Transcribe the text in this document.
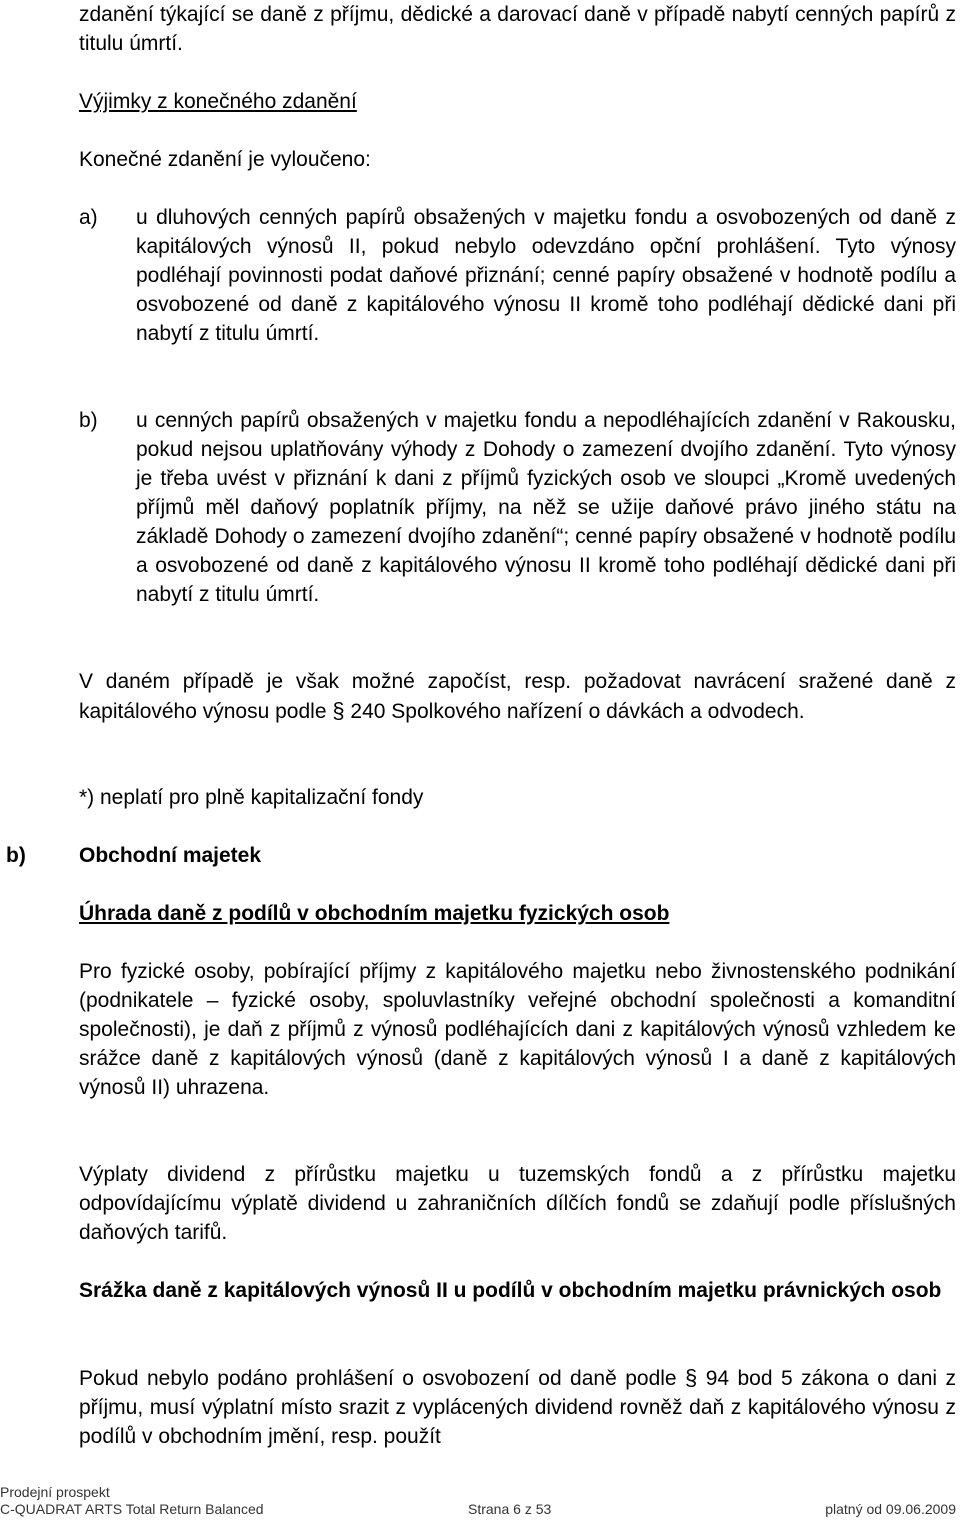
zdanění týkající se daně z příjmu, dědické a darovací daně v případě nabytí cenných papírů z titulu úmrtí.

Výjimky z konečného zdanění

Konečné zdanění je vyloučeno:

a) u dluhových cenných papírů obsažených v majetku fondu a osvobozených od daně z kapitálových výnosů II, pokud nebylo odevzdáno opční prohlášení. Tyto výnosy podléhají povinnosti podat daňové přiznání; cenné papíry obsažené v hodnotě podílu a osvobozené od daně z kapitálového výnosu II kromě toho podléhají dědické dani při nabytí z titulu úmrtí.
b) u cenných papírů obsažených v majetku fondu a nepodléhajících zdanění v Rakousku, pokud nejsou uplatňovány výhody z Dohody o zamezení dvojího zdanění. Tyto výnosy je třeba uvést v přiznání k dani z příjmů fyzických osob ve sloupci „Kromě uvedených příjmů měl daňový poplatník příjmy, na něž se užije daňové právo jiného státu na základě Dohody o zamezení dvojího zdanění“; cenné papíry obsažené v hodnotě podílu a osvobozené od daně z kapitálového výnosu II kromě toho podléhají dědické dani při nabytí z titulu úmrtí.

V daném případě je však možné započíst, resp. požadovat navrácení sražené daně z kapitálového výnosu podle § 240 Spolkového nařízení o dávkách a odvodech.

*) neplatí pro plně kapitalizační fondy

b)	Obchodní majetek

Úhrada daně z podílů v obchodním majetku fyzických osob

Pro fyzické osoby, pobírající příjmy z kapitálového majetku nebo živnostenského podnikání (podnikatele – fyzické osoby, spoluvlastníky veřejné obchodní společnosti a komanditní společnosti), je daň z příjmů z výnosů podléhajících dani z kapitálových výnosů vzhledem ke srážce daně z kapitálových výnosů (daně z kapitálových výnosů I a daně z kapitálových výnosů II) uhrazena.

Výplaty dividend z přírůstku majetku u tuzemských fondů a z přírůstku majetku odpovídajícímu výplatě dividend u zahraničních dílčích fondů se zdaňují podle příslušných daňových tarifů.

Srážka daně z kapitálových výnosů II u podílů v obchodním majetku právnických osob

Pokud nebylo podáno prohlášení o osvobození od daně podle § 94 bod 5 zákona o dani z příjmu, musí výplatní místo srazit z vyplácených dividend rovněž daň z kapitálového výnosu z podílů v obchodním jmění, resp. použít

Prodejní prospekt
C-QUADRAT ARTS Total Return Balanced	Strana 6 z 53	platný od 09.06.2009
